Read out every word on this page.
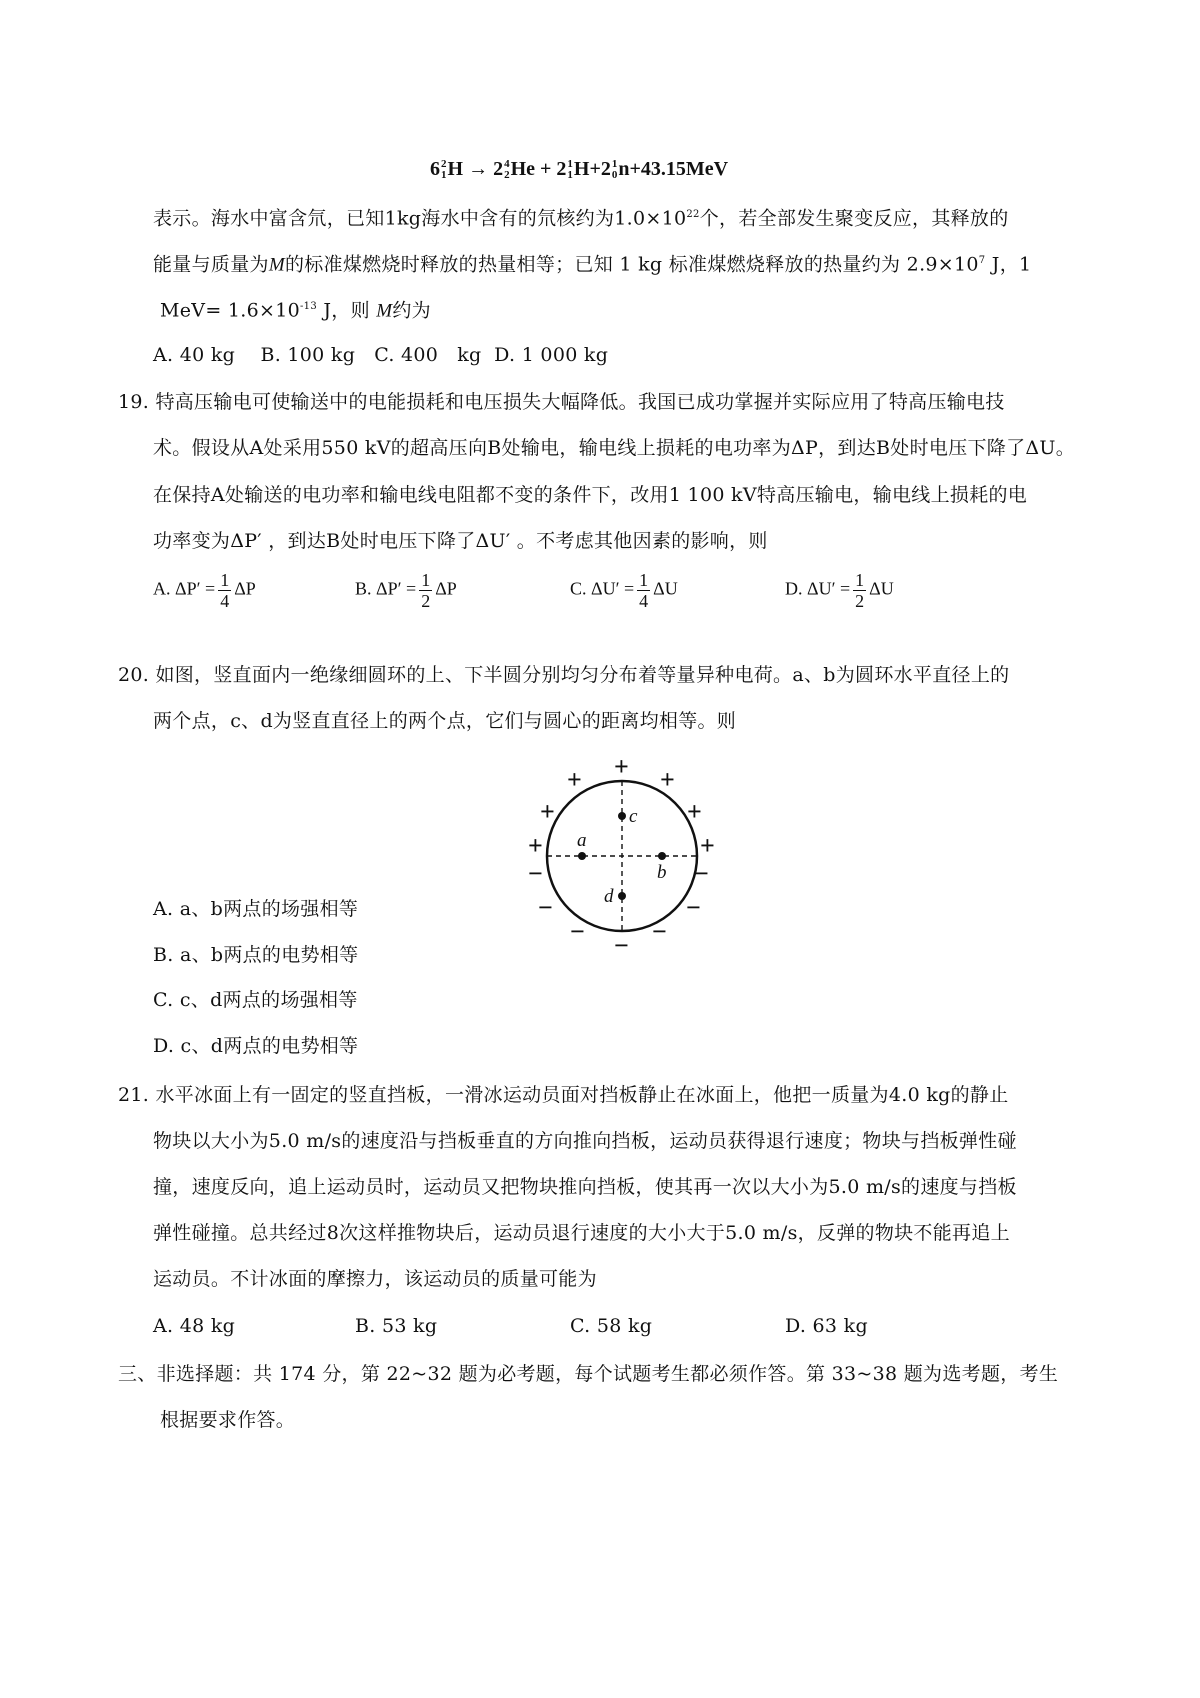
6 2
1 H → 2 4
2 He + 2 1
1 H+2 1
0 n+43.15MeV
表示。海水中富含氘，已知1kg海水中含有的氘核约为$1.0\times 10^{22}$个，若全部发生聚变反应，其释放的
能量与质量为M的标准煤燃烧时释放的热量相等；已知 1 kg 标准煤燃烧释放的热量约为 $2.9\times 10^7$ J，1
$MeV= 1.6\times 10^{-13}$ J，则 M约为
A. 40 kg    B. 100 kg   C. 400   kg  D. 1 000 kg
19. 特高压输电可使输送中的电能损耗和电压损失大幅降低。我国已成功掌握并实际应用了特高压输电技
术。假设从A处采用550 kV的超高压向B处输电，输电线上损耗的电功率为ΔP，到达B处时电压下降了ΔU。
在保持A处输送的电功率和输电线电阻都不变的条件下，改用1 100 kV特高压输电，输电线上损耗的电
功率变为ΔP′ ，到达B处时电压下降了ΔU′ 。不考虑其他因素的影响，则
A. $\Delta P' = \frac{1}{4}$ ΔP	B. $\Delta P' = \frac{1}{2}$ ΔP	C. $\Delta U' = \frac{1}{4}$ ΔU	D. $\Delta U' = \frac{1}{2}$ ΔU
20. 如图，竖直面内一绝缘细圆环的上、下半圆分别均匀分布着等量异种电荷。a、b为圆环水平直径上的
两个点，c、d为竖直直径上的两个点，它们与圆心的距离均相等。则
+
+	+
+	+
+	+
−	−
−	−
−	−
−
c
a
b
d
A. a、b两点的场强相等
B. a、b两点的电势相等
C. c、d两点的场强相等
D. c、d两点的电势相等
21. 水平冰面上有一固定的竖直挡板，一滑冰运动员面对挡板静止在冰面上，他把一质量为4.0 kg的静止
物块以大小为5.0 m/s的速度沿与挡板垂直的方向推向挡板，运动员获得退行速度；物块与挡板弹性碰
撞，速度反向，追上运动员时，运动员又把物块推向挡板，使其再一次以大小为5.0 m/s的速度与挡板
弹性碰撞。总共经过8次这样推物块后，运动员退行速度的大小大于5.0 m/s，反弹的物块不能再追上
运动员。不计冰面的摩擦力，该运动员的质量可能为
A. 48 kg	B. 53 kg	C. 58 kg	D. 63 kg
三、非选择题：共 174 分，第 22~32 题为必考题，每个试题考生都必须作答。第 33~38 题为选考题，考生
根据要求作答。
